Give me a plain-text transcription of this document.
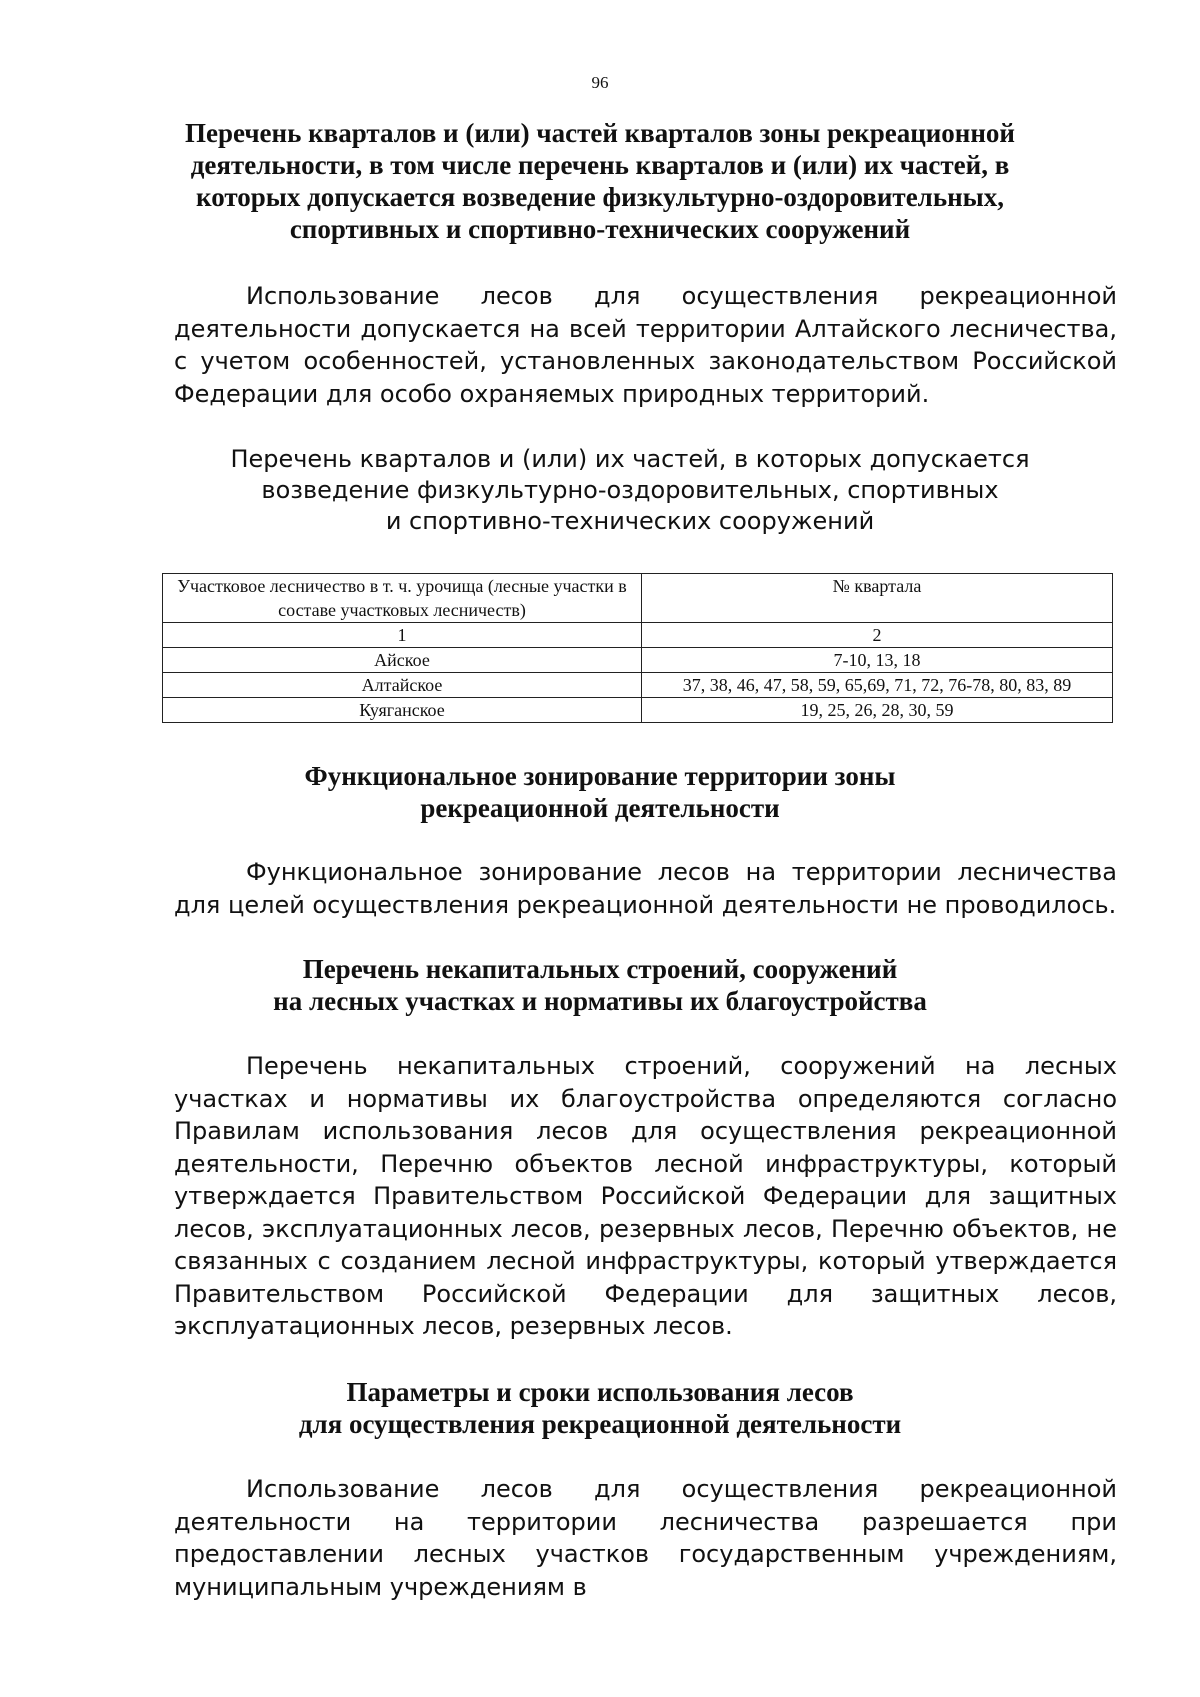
96
Перечень кварталов и (или) частей кварталов зоны рекреационной
деятельности, в том числе перечень кварталов и (или) их частей, в
которых допускается возведение физкультурно-оздоровительных,
спортивных и спортивно-технических сооружений

Использование лесов для осуществления рекреационной деятельности допускается на всей территории Алтайского лесничества, с учетом особенностей, установленных законодательством Российской Федерации для особо охраняемых природных территорий.

Перечень кварталов и (или) их частей, в которых допускается
возведение физкультурно-оздоровительных, спортивных
и спортивно-технических сооружений
Участковое лесничество в т. ч. урочища (лесные участки в составе участковых лесничеств)	№ квартала
1	2
Айское	7-10, 13, 18
Алтайское	37, 38, 46, 47, 58, 59, 65,69, 71, 72, 76-78, 80, 83, 89
Куяганское	19, 25, 26, 28, 30, 59
Функциональное зонирование территории зоны
рекреационной деятельности

Функциональное зонирование лесов на территории лесничества для целей осуществления рекреационной деятельности не проводилось.

Перечень некапитальных строений, сооружений
на лесных участках и нормативы их благоустройства

Перечень некапитальных строений, сооружений на лесных участках и нормативы их благоустройства определяются согласно Правилам использования лесов для осуществления рекреационной деятельности, Перечню объектов лесной инфраструктуры, который утверждается Правительством Российской Федерации для защитных лесов, эксплуатационных лесов, резервных лесов, Перечню объектов, не связанных с созданием лесной инфраструктуры, который утверждается Правительством Российской Федерации для защитных лесов, эксплуатационных лесов, резервных лесов.

Параметры и сроки использования лесов
для осуществления рекреационной деятельности

Использование лесов для осуществления рекреационной деятельности на территории лесничества разрешается при предоставлении лесных участков государственным учреждениям, муниципальным учреждениям в
